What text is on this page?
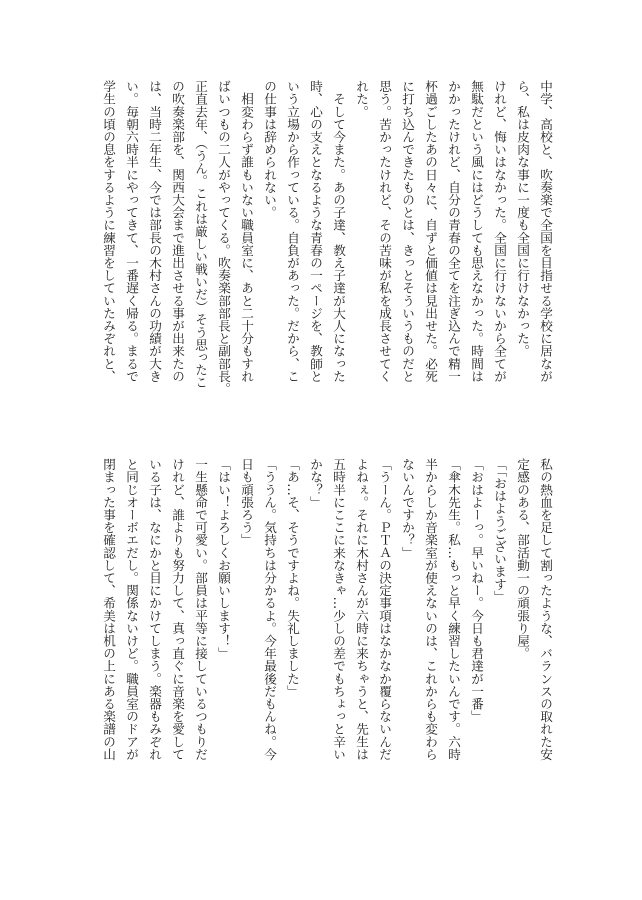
中学、高校と、吹奏楽で全国を目指せる学校に居なが
ら、私は皮肉な事に一度も全国に行けなかった。
けれど、悔いはなかった。全国に行けないから全てが
無駄だという風にはどうしても思えなかった。時間は
かかったけれど、自分の青春の全てを注ぎ込んで精一
杯過ごしたあの日々に、自ずと価値は見出せた。必死
に打ち込んできたものとは、きっとそういうものだと
思う。苦かったけれど、その苦味が私を成長させてく
れた。
　そして今また。あの子達、教え子達が大人になった
時、心の支えとなるような青春の一ページを、教師と
いう立場から作っている。自負があった。だから、こ
の仕事は辞められない。
　相変わらず誰もいない職員室に、あと二十分もすれ
ばいつもの二人がやってくる。吹奏楽部部長と副部長。
正直去年、（うん。これは厳しい戦いだ）そう思ったこ
の吹奏楽部を、関西大会まで進出させる事が出来たの
は、当時二年生、今では部長の木村さんの功績が大き
い。毎朝六時半にやってきて、一番遅く帰る。まるで
学生の頃の息をするように練習をしていたみぞれと、
私の熱血を足して割ったような、バランスの取れた安
定感のある、部活動一の頑張り屋。
「「おはようございます」
「おはよーっ。早いねー。今日も君達が一番」
「傘木先生。私…もっと早く練習したいんです。六時
半からしか音楽室が使えないのは、これからも変わら
ないんですか？」
「うーん。ＰＴＡの決定事項はなかなか覆らないんだ
よねぇ。それに木村さんが六時に来ちゃうと、先生は
五時半にここに来なきゃ…少しの差でもちょっと辛い
かな？」
「あ…そ、そうですよね。失礼しました」
「ううん。気持ちは分かるよ。今年最後だもんね。今
日も頑張ろう」
「はい！よろしくお願いします！」
一生懸命で可愛い。部員は平等に接しているつもりだ
けれど、誰よりも努力して、真っ直ぐに音楽を愛して
いる子は、なにかと目にかけてしまう。楽器もみぞれ
と同じオーボエだし。関係ないけど。職員室のドアが
閉まった事を確認して、希美は机の上にある楽譜の山
